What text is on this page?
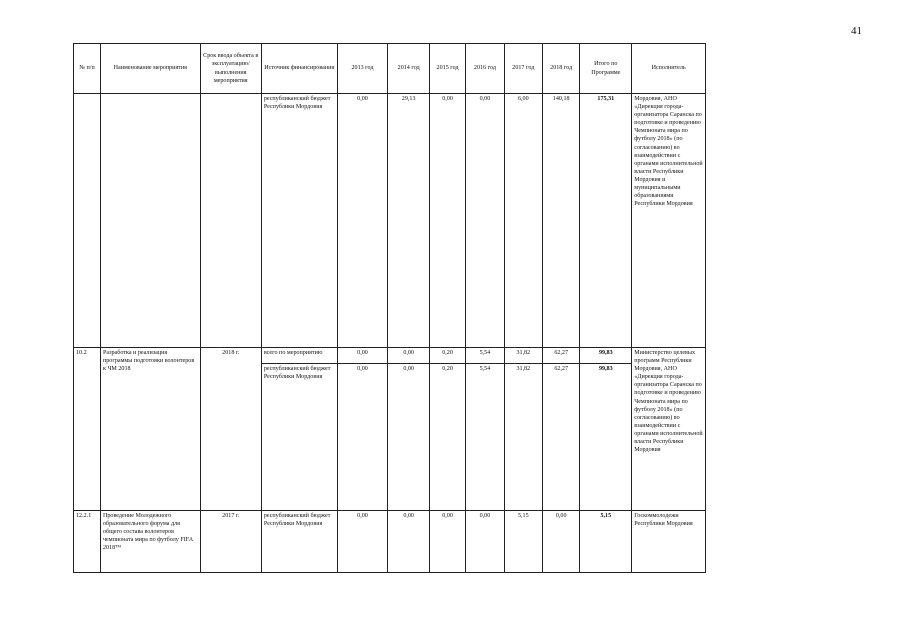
41
№ п/п	Наименование мероприятия	Срок ввода объекта в эксплуатацию/ выполнения мероприятия	Источник финансирования	2013 год	2014 год	2015 год	2016 год	2017 год	2018 год	Итого по Программе	Исполнитель
			республиканский бюджет Республики Мордовия	0,00	29,13	0,00	0,00	6,00	140,18	175,31	Мордовия, АНО «Дирекция города-организатора Саранска по подготовке и проведению Чемпионата мира по футболу 2018» (по согласованию) во взаимодействии с органами исполнительной власти Республики Мордовия и муниципальными образованиями Республики Мордовия
10.2	Разработка и реализация программы подготовки волонтеров к ЧМ 2018	2018 г.	всего по мероприятию	0,00	0,00	0,20	5,54	31,82	62,27	99,83	Министерство целевых программ Республики Мордовия, АНО «Дирекция города-организатора Саранска по подготовке и проведению Чемпионата мира по футболу 2018» (по согласованию) во взаимодействии с органами исполнительной власти Республики Мордовия
			республиканский бюджет Республики Мордовия	0,00	0,00	0,20	5,54	31,82	62,27	99,83	
12.2.1	Проведение Молодежного образовательного форума для общего состава волонтеров чемпионата мира по футболу FIFA 2018™	2017 г.	республиканский бюджет Республики Мордовия	0,00	0,00	0,00	0,00	5,15	0,00	5,15	Госкоммолодежи Республики Мордовия
